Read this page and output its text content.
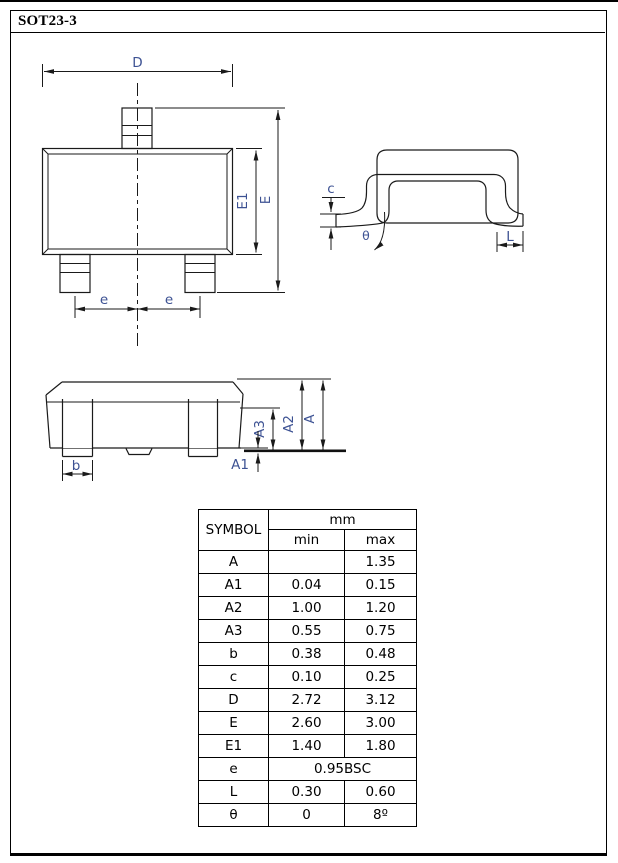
SOT23-3
D
E1 E
e	e
c
θ	L
b
A3 A2 A
A1
SYMBOL	mm	
	min	max
A		1.35
A1	0.04	0.15
A2	1.00	1.20
A3	0.55	0.75
b	0.38	0.48
c	0.10	0.25
D	2.72	3.12
E	2.60	3.00
E1	1.40	1.80
e	0.95BSC	
L	0.30	0.60
θ	0	8º
